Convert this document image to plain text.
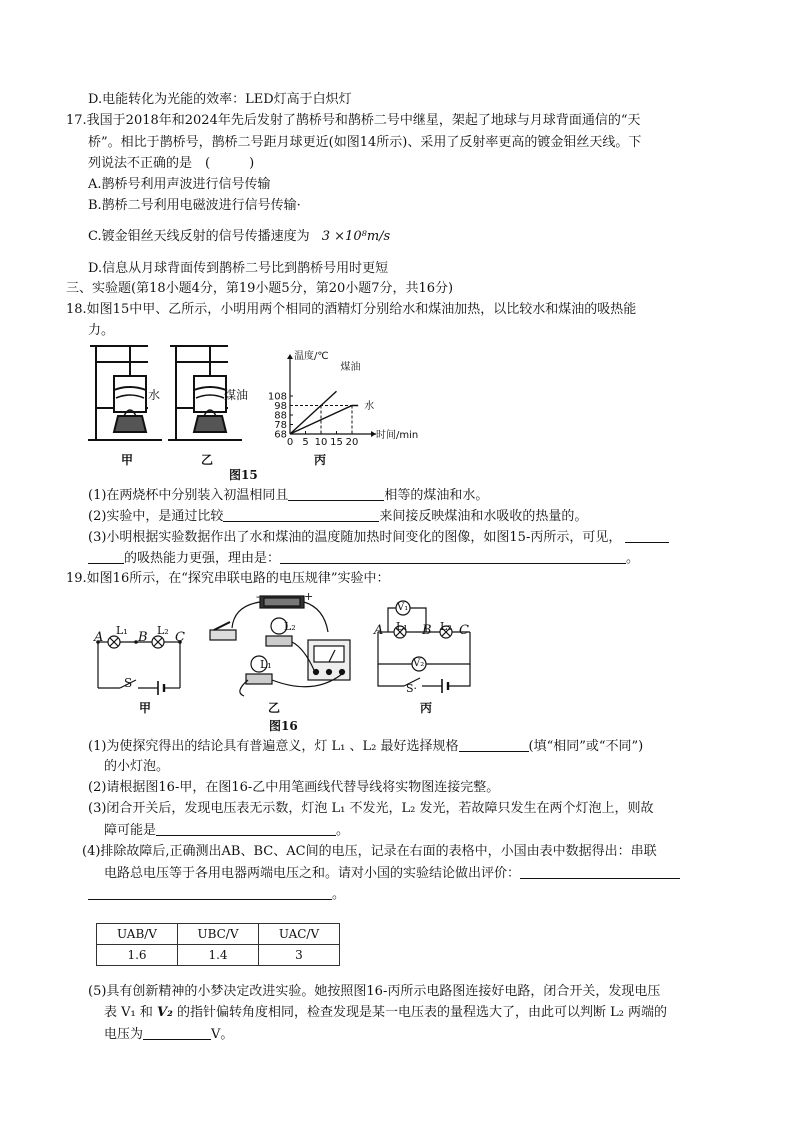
D.电能转化为光能的效率：LED灯高于白炽灯
17.我国于2018年和2024年先后发射了鹊桥号和鹊桥二号中继星，架起了地球与月球背面通信的“天
桥”。相比于鹊桥号，鹊桥二号距月球更近(如图14所示)、采用了反射率更高的镀金钼丝天线。下
列说法不正确的是　(　　　)
A.鹊桥号利用声波进行信号传输
B.鹊桥二号利用电磁波进行信号传输·
C.镀金钼丝天线反射的信号传播速度为 3 ×10⁸m/s
D.信息从月球背面传到鹊桥二号比到鹊桥号用时更短
三、实验题(第18小题4分，第19小题5分，第20小题7分，共16分)
18.如图15中甲、乙所示，小明用两个相同的酒精灯分别给水和煤油加热，以比较水和煤油的吸热能
力。
水	煤油
甲	乙
68
78
88
98
108
0 5 10 15 20
温度/℃
时间/min
煤油
水
丙
图15
(1)在两烧杯中分别装入初温相同且	相等的煤油和水。
(2)实验中，是通过比较	来间接反映煤油和水吸收的热量的。
(3)小明根据实验数据作出了水和煤油的温度随加热时间变化的图像，如图15-丙所示，可见，
的吸热能力更强，理由是：	。
19.如图16所示，在“探究串联电路的电压规律”实验中：
A L₁ B L₂ C
S
甲
-	+
L₂
L₁
乙
图16
V₁
V₂
A L₁ B L₂ C
S·
丙
(1)为使探究得出的结论具有普遍意义，灯 L₁ 、L₂ 最好选择规格	(填“相同”或“不同”)
的小灯泡。
(2)请根据图16-甲，在图16-乙中用笔画线代替导线将实物图连接完整。
(3)闭合开关后，发现电压表无示数，灯泡 L₁ 不发光，L₂ 发光，若故障只发生在两个灯泡上，则故
障可能是	。
(4)排除故障后,正确测出AB、BC、AC间的电压，记录在右面的表格中，小国由表中数据得出：串联
电路总电压等于各用电器两端电压之和。请对小国的实验结论做出评价：
。
UAB/V	UBC/V	UAC/V
1.6	1.4	3
(5)具有创新精神的小梦决定改进实验。她按照图16-丙所示电路图连接好电路，闭合开关，发现电压
表 V₁ 和 V₂ 的指针偏转角度相同，检查发现是某一电压表的量程选大了，由此可以判断 L₂ 两端的
电压为	V。
